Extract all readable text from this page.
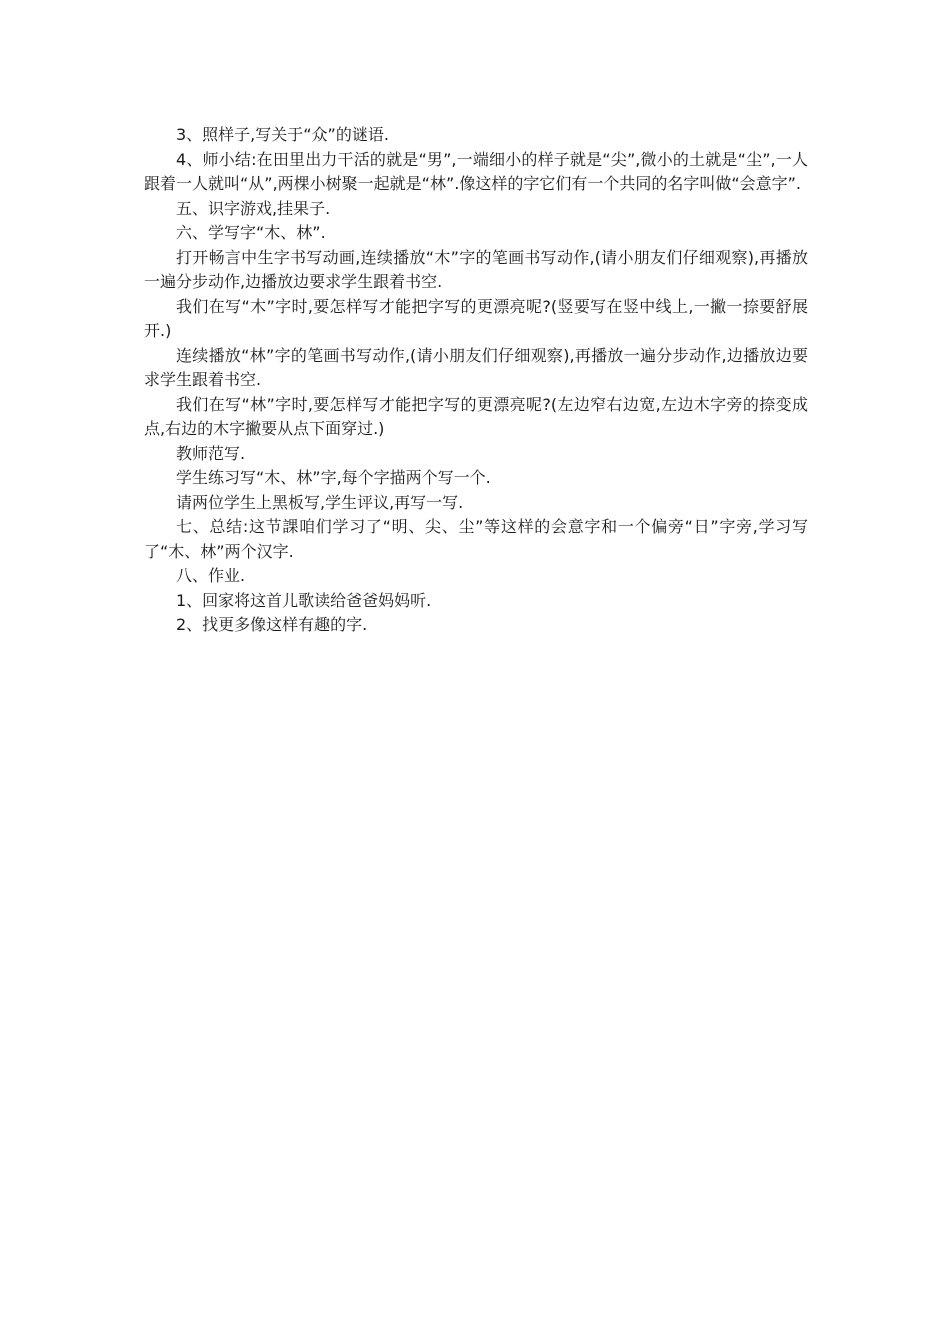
3、照样子,写关于“众”的谜语.

4、师小结:在田里出力干活的就是“男”,一端细小的样子就是“尖”,微小的土就是“尘”,一人跟着一人就叫“从”,两棵小树聚一起就是“林”.像这样的字它们有一个共同的名字叫做“会意字”.

五、识字游戏,挂果子.

六、学写字“木、林”.

打开畅言中生字书写动画,连续播放“木”字的笔画书写动作,(请小朋友们仔细观察),再播放一遍分步动作,边播放边要求学生跟着书空.

我们在写“木”字时,要怎样写才能把字写的更漂亮呢?(竖要写在竖中线上,一撇一捺要舒展开.)

连续播放“林”字的笔画书写动作,(请小朋友们仔细观察),再播放一遍分步动作,边播放边要求学生跟着书空.

我们在写“林”字时,要怎样写才能把字写的更漂亮呢?(左边窄右边宽,左边木字旁的捺变成点,右边的木字撇要从点下面穿过.)

教师范写.

学生练习写“木、林”字,每个字描两个写一个.

请两位学生上黑板写,学生评议,再写一写.

七、总结:这节課咱们学习了“明、尖、尘”等这样的会意字和一个偏旁“日”字旁,学习写了“木、林”两个汉字.

八、作业.

1、回家将这首儿歌读给爸爸妈妈听.

2、找更多像这样有趣的字.
